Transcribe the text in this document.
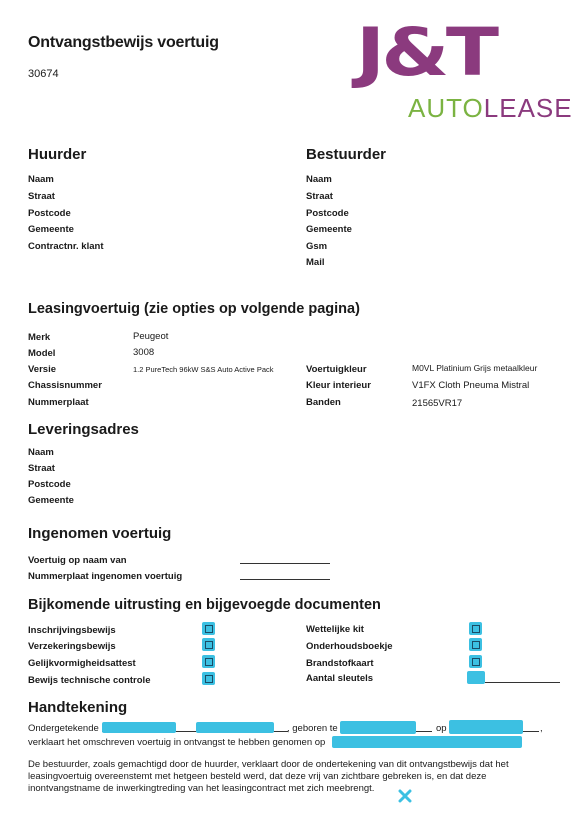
Ontvangstbewijs voertuig
30674	J&T
AUTOLEASE
Huurder
Naam
Straat
Postcode
Gemeente
Contractnr. klant
Bestuurder
Naam
Straat
Postcode
Gemeente
Gsm
Mail
Leasingvoertuig (zie opties op volgende pagina)
Merk	Peugeot
Model	3008
Versie	1.2 PureTech 96kW S&S Auto Active Pack
Chassisnummer
Nummerplaat
Voertuigkleur	M0VL Platinium Grijs metaalkleur
Kleur interieur	V1FX Cloth Pneuma Mistral
Banden	21565VR17
Leveringsadres
Naam
Straat
Postcode
Gemeente
Ingenomen voertuig
Voertuig op naam van
Nummerplaat ingenomen voertuig
Bijkomende uitrusting en bijgevoegde documenten
Inschrijvingsbewijs
Verzekeringsbewijs
Gelijkvormigheidsattest
Bewijs technische controle
Wettelijke kit
Onderhoudsboekje
Brandstofkaart
Aantal sleutels
Handtekening
Ondergetekende	, geboren te	op	,
verklaart het omschreven voertuig in ontvangst te hebben genomen op
De bestuurder, zoals gemachtigd door de huurder, verklaart door de ondertekening van dit ontvangstbewijs dat het
leasingvoertuig overeenstemt met hetgeen besteld werd, dat deze vrij van zichtbare gebreken is, en dat deze
inontvangstname de inwerkingtreding van het leasingcontract met zich meebrengt.
